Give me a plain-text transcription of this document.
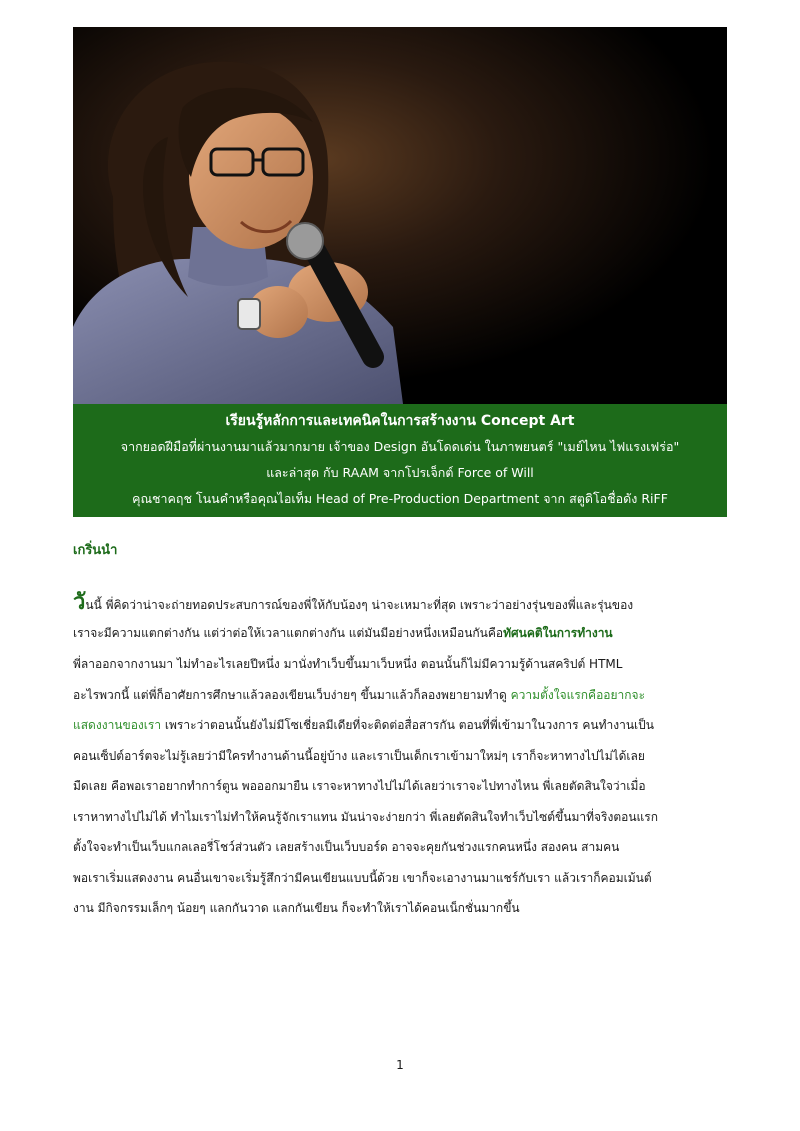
เรียนรู้หลักการและเทคนิคในการสร้างงาน Concept Art
จากยอดฝีมือที่ผ่านงานมาแล้วมากมาย เจ้าของ Design อันโดดเด่น ในภาพยนตร์ "เมย์ไหน ไฟแรงเฟร่อ"
และล่าสุด กับ RAAM จากโปรเจ็กต์ Force of Will
คุณชาคฤช โนนคำหรือคุณไอเท็ม Head of Pre-Production Department จาก สตูดิโอชื่อดัง RiFF
เกริ่นนำ
วันนี้ พี่คิดว่าน่าจะถ่ายทอดประสบการณ์ของพี่ให้กับน้องๆ น่าจะเหมาะที่สุด เพราะว่าอย่างรุ่นของพี่และรุ่นของ
เราจะมีความแตกต่างกัน แต่ว่าต่อให้เวลาแตกต่างกัน แต่มันมีอย่างหนึ่งเหมือนกันคือทัศนคติในการทำงาน
พี่ลาออกจากงานมา ไม่ทำอะไรเลยปีหนึ่ง มานั่งทำเว็บขึ้นมาเว็บหนึ่ง ตอนนั้นก็ไม่มีความรู้ด้านสคริปต์ HTML
อะไรพวกนี้ แต่พี่ก็อาศัยการศึกษาแล้วลองเขียนเว็บง่ายๆ ขึ้นมาแล้วก็ลองพยายามทำดู ความตั้งใจแรกคืออยากจะ
แสดงงานของเรา เพราะว่าตอนนั้นยังไม่มีโซเชี่ยลมีเดียที่จะติดต่อสื่อสารกัน ตอนที่พี่เข้ามาในวงการ คนทำงานเป็น
คอนเซ็ปต์อาร์ตจะไม่รู้เลยว่ามีใครทำงานด้านนี้อยู่บ้าง และเราเป็นเด็กเราเข้ามาใหม่ๆ เราก็จะหาทางไปไม่ได้เลย
มืดเลย คือพอเราอยากทำการ์ตูน พอออกมายืน เราจะหาทางไปไม่ได้เลยว่าเราจะไปทางไหน พี่เลยตัดสินใจว่าเมื่อ
เราหาทางไปไม่ได้ ทำไมเราไม่ทำให้คนรู้จักเราแทน มันน่าจะง่ายกว่า พี่เลยตัดสินใจทำเว็บไซต์ขึ้นมาที่จริงตอนแรก
ตั้งใจจะทำเป็นเว็บแกลเลอรี่โชว์ส่วนตัว เลยสร้างเป็นเว็บบอร์ด อาจจะคุยกันช่วงแรกคนหนึ่ง สองคน สามคน
พอเราเริ่มแสดงงาน คนอื่นเขาจะเริ่มรู้สึกว่ามีคนเขียนแบบนี้ด้วย เขาก็จะเอางานมาแชร์กับเรา แล้วเราก็คอมเม้นต์
งาน มีกิจกรรมเล็กๆ น้อยๆ แลกกันวาด แลกกันเขียน ก็จะทำให้เราได้คอนเน็กชั่นมากขึ้น
1
